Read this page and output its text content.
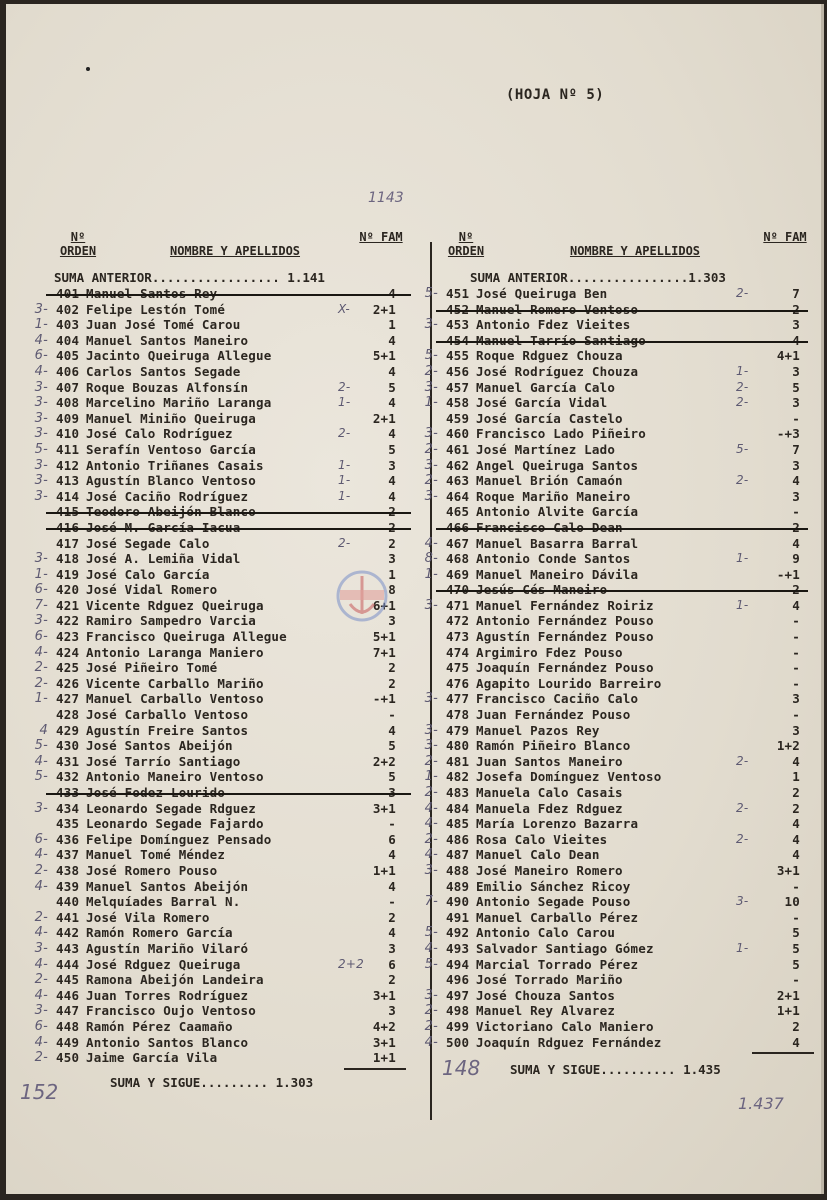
(HOJA Nº 5)
1143
Nº ORDEN	NOMBRE Y APELLIDOS
Nº FAM	Nº ORDEN	NOMBRE Y APELLIDOS
Nº FAM
SUMA ANTERIOR................. 1.141
401 Manuel Santos Rey	4
3- 402 Felipe Lestón Tomé	X-	2+1
1- 403 Juan José Tomé Carou	1
4- 404 Manuel Santos Maneiro	4
6- 405 Jacinto Queiruga Allegue	5+1
4- 406 Carlos Santos Segade	4
3- 407 Roque Bouzas Alfonsín	2-	5
3- 408 Marcelino Mariño Laranga	1-	4
3- 409 Manuel Miniño Queiruga	2+1
3- 410 José Calo Rodríguez	2-	4
5- 411 Serafín Ventoso García	5
3- 412 Antonio Triñanes Casais	1-	3
3- 413 Agustín Blanco Ventoso	1-	4
3- 414 José Caciño Rodríguez	1-	4
415 Teodoro Abeijón Blanco	2
416 José M. García Iacua	2
417 José Segade Calo	2-	2
3- 418 José A. Lemiña Vidal	3
1- 419 José Calo García	1
6- 420 José Vidal Romero	8
7- 421 Vicente Rdguez Queiruga	6+1
3- 422 Ramiro Sampedro Varcia	3
6- 423 Francisco Queiruga Allegue	5+1
4- 424 Antonio Laranga Maniero	7+1
2- 425 José Piñeiro Tomé	2
2- 426 Vicente Carballo Mariño	2
1- 427 Manuel Carballo Ventoso	-+1
428 José Carballo Ventoso	-
4 429 Agustín Freire Santos	4
5- 430 José Santos Abeijón	5
4- 431 José Tarrío Santiago	2+2
5- 432 Antonio Maneiro Ventoso	5
433 José Fodez Lourido	3
3- 434 Leonardo Segade Rdguez	3+1
435 Leonardo Segade Fajardo	-
6- 436 Felipe Domínguez Pensado	6
4- 437 Manuel Tomé Méndez	4
2- 438 José Romero Pouso	1+1
4- 439 Manuel Santos Abeijón	4
440 Melquíades Barral N.	-
2- 441 José Vila Romero	2
4- 442 Ramón Romero García	4
3- 443 Agustín Mariño Vilaró	3
4- 444 José Rdguez Queiruga	2+2	6
2- 445 Ramona Abeijón Landeira	2
4- 446 Juan Torres Rodríguez	3+1
3- 447 Francisco Oujo Ventoso	3
6- 448 Ramón Pérez Caamaño	4+2
4- 449 Antonio Santos Blanco	3+1
2- 450 Jaime García Vila	1+1
SUMA Y SIGUE......... 1.303
152
SUMA ANTERIOR................1.303
5- 451 José Queiruga Ben	2-	7
452 Manuel Romero Ventoso	2
3- 453 Antonio Fdez Vieites	3
454 Manuel Tarrío Santiago	4
5- 455 Roque Rdguez Chouza	4+1
2- 456 José Rodríguez Chouza	1-	3
3- 457 Manuel García Calo	2-	5
1- 458 José García Vidal	2-	3
459 José García Castelo	-
3- 460 Francisco Lado Piñeiro	-+3
2- 461 José Martínez Lado	5-	7
3- 462 Angel Queiruga Santos	3
2- 463 Manuel Brión Camaón	2-	4
3- 464 Roque Mariño Maneiro	3
465 Antonio Alvite García	-
466 Francisco Calo Dean	2
4- 467 Manuel Basarra Barral	4
8- 468 Antonio Conde Santos	1-	9
1- 469 Manuel Maneiro Dávila	-+1
470 Jesús Cés Maneiro	2
3- 471 Manuel Fernández Roiriz	1-	4
472 Antonio Fernández Pouso	-
473 Agustín Fernández Pouso	-
474 Argimiro Fdez Pouso	-
475 Joaquín Fernández Pouso	-
476 Agapito Lourido Barreiro	-
3- 477 Francisco Caciño Calo	3
478 Juan Fernández Pouso	-
3- 479 Manuel Pazos Rey	3
3- 480 Ramón Piñeiro Blanco	1+2
2- 481 Juan Santos Maneiro	2-	4
1- 482 Josefa Domínguez Ventoso	1
2- 483 Manuela Calo Casais	2
4- 484 Manuela Fdez Rdguez	2-	2
4- 485 María Lorenzo Bazarra	4
2- 486 Rosa Calo Vieites	2-	4
4- 487 Manuel Calo Dean	4
3- 488 José Maneiro Romero	3+1
489 Emilio Sánchez Ricoy	-
7- 490 Antonio Segade Pouso	3-	10
491 Manuel Carballo Pérez	-
5- 492 Antonio Calo Carou	5
4- 493 Salvador Santiago Gómez	1-	5
5- 494 Marcial Torrado Pérez	5
496 José Torrado Mariño	-
3- 497 José Chouza Santos	2+1
2- 498 Manuel Rey Alvarez	1+1
2- 499 Victoriano Calo Maniero	2
4- 500 Joaquín Rdguez Fernández	4
SUMA Y SIGUE.......... 1.435
148
1.437
